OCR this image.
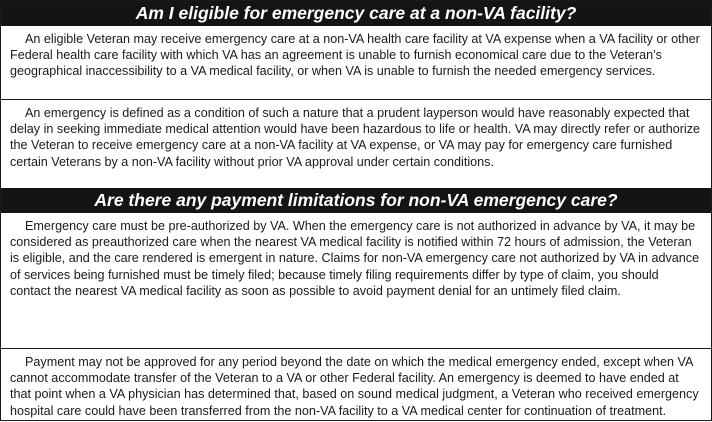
Am I eligible for emergency care at a non-VA facility?
An eligible Veteran may receive emergency care at a non-VA health care facility at VA expense when a VA facility or other Federal health care facility with which VA has an agreement is unable to furnish economical care due to the Veteran’s geographical inaccessibility to a VA medical facility, or when VA is unable to furnish the needed emergency services.
An emergency is defined as a condition of such a nature that a prudent layperson would have reasonably expected that delay in seeking immediate medical attention would have been hazardous to life or health. VA may directly refer or authorize the Veteran to receive emergency care at a non-VA facility at VA expense, or VA may pay for emergency care furnished certain Veterans by a non-VA facility without prior VA approval under certain conditions.
Are there any payment limitations for non-VA emergency care?
Emergency care must be pre-authorized by VA. When the emergency care is not authorized in advance by VA, it may be considered as preauthorized care when the nearest VA medical facility is notified within 72 hours of admission, the Veteran is eligible, and the care rendered is emergent in nature. Claims for non-VA emergency care not authorized by VA in advance of services being furnished must be timely filed; because timely filing requirements differ by type of claim, you should contact the nearest VA medical facility as soon as possible to avoid payment denial for an untimely filed claim.
Payment may not be approved for any period beyond the date on which the medical emergency ended, except when VA cannot accommodate transfer of the Veteran to a VA or other Federal facility. An emergency is deemed to have ended at that point when a VA physician has determined that, based on sound medical judgment, a Veteran who received emergency hospital care could have been transferred from the non-VA facility to a VA medical center for continuation of treatment.
